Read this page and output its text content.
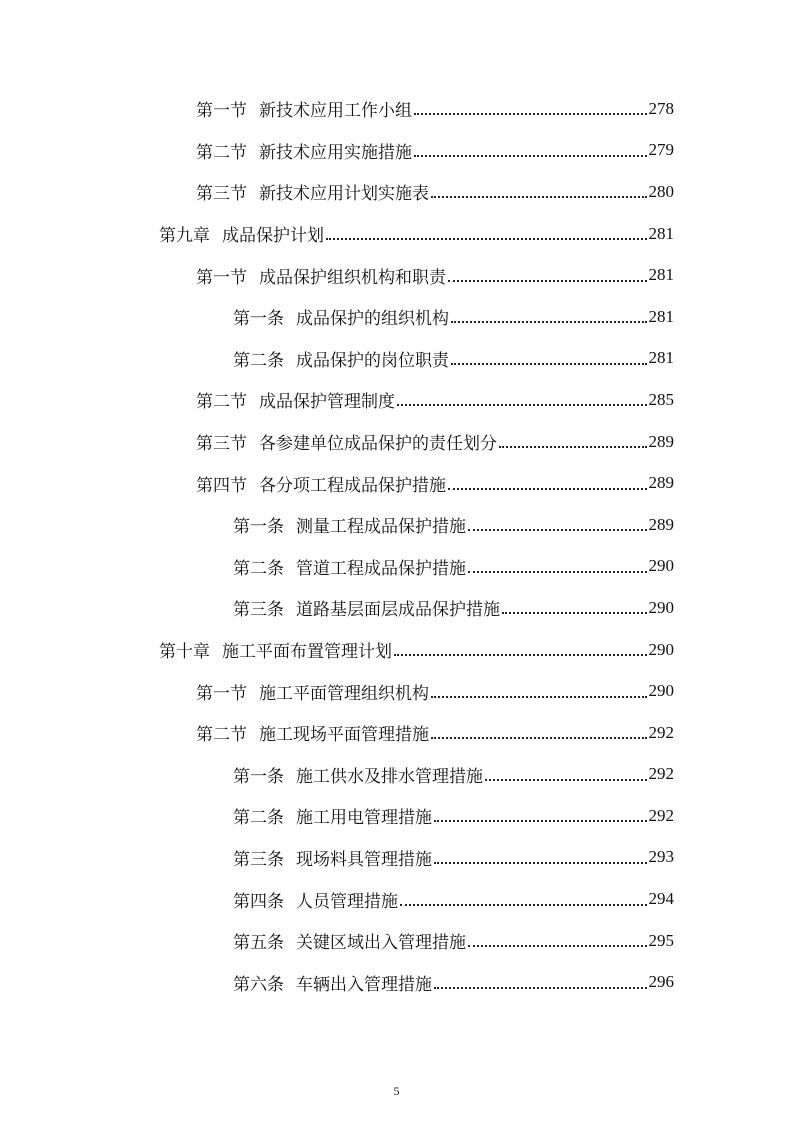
第一节 新技术应用工作小组	278
第二节 新技术应用实施措施	279
第三节 新技术应用计划实施表	280
第九章 成品保护计划	281
第一节 成品保护组织机构和职责	281
第一条 成品保护的组织机构	281
第二条 成品保护的岗位职责	281
第二节 成品保护管理制度	285
第三节 各参建单位成品保护的责任划分	289
第四节 各分项工程成品保护措施	289
第一条 测量工程成品保护措施	289
第二条 管道工程成品保护措施	290
第三条 道路基层面层成品保护措施	290
第十章 施工平面布置管理计划	290
第一节 施工平面管理组织机构	290
第二节 施工现场平面管理措施	292
第一条 施工供水及排水管理措施	292
第二条 施工用电管理措施	292
第三条 现场料具管理措施	293
第四条 人员管理措施	294
第五条 关键区域出入管理措施	295
第六条 车辆出入管理措施	296
5
